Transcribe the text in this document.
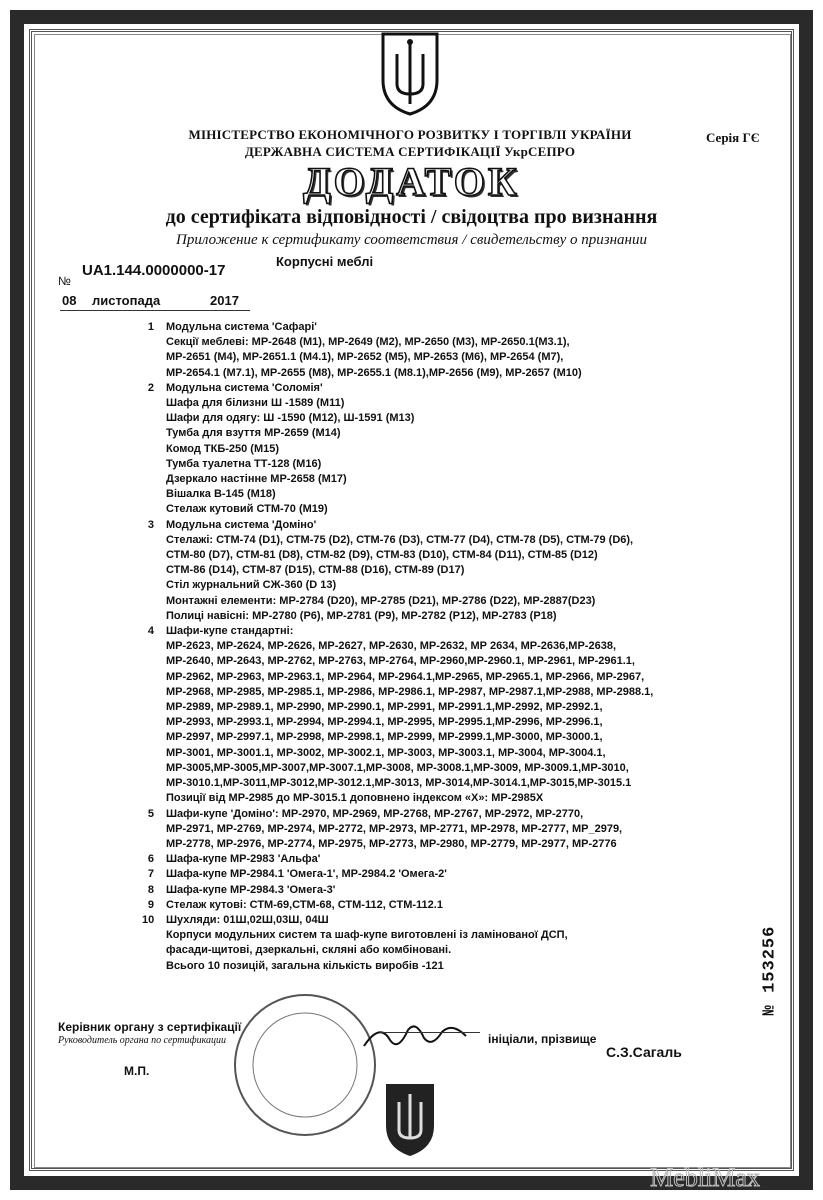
МІНІСТЕРСТВО ЕКОНОМІЧНОГО РОЗВИТКУ І ТОРГІВЛІ УКРАЇНИ
ДЕРЖАВНА СИСТЕМА СЕРТИФІКАЦІЇ УкрСЕПРО
Серія ГЄ
ДОДАТОК
до сертифіката відповідності / свідоцтва про визнання
Приложение к сертификату соответствия / свидетельству о признании
№
UA1.144.0000000-17
Корпусні меблі
08 листопада	2017
1 Модульна система 'Сафарі'
Секції меблеві: МР-2648 (М1), МР-2649 (М2), МР-2650 (М3), МР-2650.1(М3.1),
МР-2651 (М4), МР-2651.1 (М4.1), МР-2652 (М5), МР-2653 (М6), МР-2654 (М7),
МР-2654.1 (М7.1), МР-2655 (М8), МР-2655.1 (М8.1),МР-2656 (М9), МР-2657 (М10)
2 Модульна система 'Соломія'
Шафа для білизни Ш -1589 (М11)
Шафи для одягу: Ш -1590 (М12), Ш-1591 (М13)
Тумба для взуття МР-2659 (М14)
Комод ТКБ-250 (М15)
Тумба туалетна ТТ-128 (М16)
Дзеркало настінне МР-2658 (М17)
Вішалка В-145 (М18)
Стелаж кутовий СТМ-70 (М19)
3 Модульна система 'Доміно'
Стелажі: СТМ-74 (D1), СТМ-75 (D2), СТМ-76 (D3), СТМ-77 (D4), СТМ-78 (D5), СТМ-79 (D6),
СТМ-80 (D7), СТМ-81 (D8), СТМ-82 (D9), СТМ-83 (D10), СТМ-84 (D11), СТМ-85 (D12)
СТМ-86 (D14), СТМ-87 (D15), СТМ-88 (D16), СТМ-89 (D17)
Стіл журнальний СЖ-360 (D 13)
Монтажні елементи: МР-2784 (D20), МР-2785 (D21), МР-2786 (D22), МР-2887(D23)
Полиці навісні: МР-2780 (Р6), МР-2781 (Р9), МР-2782 (Р12), МР-2783 (Р18)
4 Шафи-купе стандартні:
МР-2623, МР-2624, МР-2626, МР-2627, МР-2630, МР-2632, МР 2634, МР-2636,МР-2638,
МР-2640, МР-2643, МР-2762, МР-2763, МР-2764, МР-2960,МР-2960.1, МР-2961, МР-2961.1,
МР-2962, МР-2963, МР-2963.1, МР-2964, МР-2964.1,МР-2965, МР-2965.1, МР-2966, МР-2967,
МР-2968, МР-2985, МР-2985.1, МР-2986, МР-2986.1, МР-2987, МР-2987.1,МР-2988, МР-2988.1,
МР-2989, МР-2989.1, МР-2990, МР-2990.1, МР-2991, МР-2991.1,МР-2992, МР-2992.1,
МР-2993, МР-2993.1, МР-2994, МР-2994.1, МР-2995, МР-2995.1,МР-2996, МР-2996.1,
МР-2997, МР-2997.1, МР-2998, МР-2998.1, МР-2999, МР-2999.1,МР-3000, МР-3000.1,
МР-3001, МР-3001.1, МР-3002, МР-3002.1, МР-3003, МР-3003.1, МР-3004, МР-3004.1,
МР-3005,МР-3005,МР-3007,МР-3007.1,МР-3008, МР-3008.1,МР-3009, МР-3009.1,МР-3010,
МР-3010.1,МР-3011,МР-3012,МР-3012.1,МР-3013, МР-3014,МР-3014.1,МР-3015,МР-3015.1
Позиції від МР-2985 до МР-3015.1 доповнено індексом «Х»: МР-2985Х
5 Шафи-купе 'Доміно': МР-2970, МР-2969, МР-2768, МР-2767, МР-2972, МР-2770,
МР-2971, МР-2769, МР-2974, МР-2772, МР-2973, МР-2771, МР-2978, МР-2777, МР_2979,
МР-2778, МР-2976, МР-2774, МР-2975, МР-2773, МР-2980, МР-2779, МР-2977, МР-2776
6 Шафа-купе МР-2983 'Альфа'
7 Шафа-купе МР-2984.1 'Омега-1', МР-2984.2 'Омега-2'
8 Шафа-купе МР-2984.3 'Омега-3'
9 Стелаж кутові: СТМ-69,СТМ-68, СТМ-112, СТМ-112.1
10 Шухляди: 01Ш,02Ш,03Ш, 04Ш
Корпуси модульних систем та шаф-купе виготовлені із ламінованої ДСП,
фасади-щитові, дзеркальні, скляні або комбіновані.
Всього 10 позицій, загальна кількість виробів -121
Керівник органу з сертифікації
Руководитель органа по сертификации	ініціали, прізвище
С.З.Сагаль
М.П.
№ 153256
MebliMax
